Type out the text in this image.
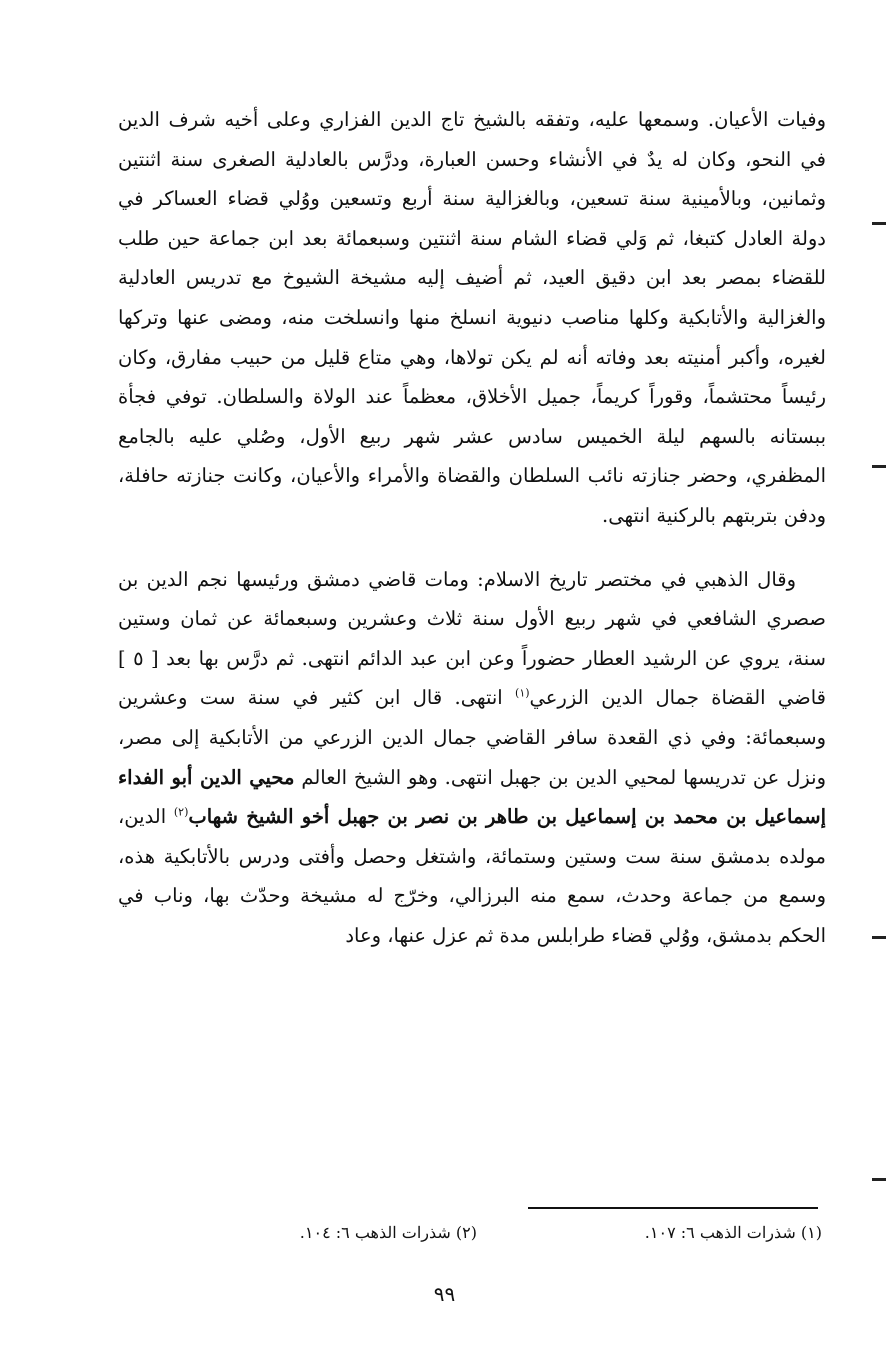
وفيات الأعيان. وسمعها عليه، وتفقه بالشيخ تاج الدين الفزاري وعلى أخيه شرف الدين في النحو، وكان له يدٌ في الأنشاء وحسن العبارة، ودرَّس بالعادلية الصغرى سنة اثنتين وثمانين، وبالأمينية سنة تسعين، وبالغزالية سنة أربع وتسعين ووُلي قضاء العساكر في دولة العادل كتبغا، ثم وَلي قضاء الشام سنة اثنتين وسبعمائة بعد ابن جماعة حين طلب للقضاء بمصر بعد ابن دقيق العيد، ثم أضيف إليه مشيخة الشيوخ مع تدريس العادلية والغزالية والأتابكية وكلها مناصب دنيوية انسلخ منها وانسلخت منه، ومضى عنها وتركها لغيره، وأكبر أمنيته بعد وفاته أنه لم يكن تولاها، وهي متاع قليل من حبيب مفارق، وكان رئيساً محتشماً، وقوراً كريماً، جميل الأخلاق، معظماً عند الولاة والسلطان. توفي فجأة ببستانه بالسهم ليلة الخميس سادس عشر شهر ربيع الأول، وصُلي عليه بالجامع المظفري، وحضر جنازته نائب السلطان والقضاة والأمراء والأعيان، وكانت جنازته حافلة، ودفن بتربتهم بالركنية انتهى.

وقال الذهبي في مختصر تاريخ الاسلام: ومات قاضي دمشق ورئيسها نجم الدين بن صصري الشافعي في شهر ربيع الأول سنة ثلاث وعشرين وسبعمائة عن ثمان وستين سنة، يروي عن الرشيد العطار حضوراً وعن ابن عبد الدائم انتهى. ثم درَّس بها بعد [ ٥ ] قاضي القضاة جمال الدين الزرعي$^{(١)}$ انتهى. قال ابن كثير في سنة ست وعشرين وسبعمائة: وفي ذي القعدة سافر القاضي جمال الدين الزرعي من الأتابكية إلى مصر، ونزل عن تدريسها لمحيي الدين بن جهبل انتهى. وهو الشيخ العالم محيي الدين أبو الفداء إسماعيل بن محمد بن إسماعيل بن طاهر بن نصر بن جهبل أخو الشيخ شهاب$^{(٢)}$ الدين، مولده بدمشق سنة ست وستين وستمائة، واشتغل وحصل وأفتى ودرس بالأتابكية هذه، وسمع من جماعة وحدث، سمع منه البرزالي، وخرّج له مشيخة وحدّث بها، وناب في الحكم بدمشق، ووُلي قضاء طرابلس مدة ثم عزل عنها، وعاد

(١) شذرات الذهب ٦: ١٠٧.
(٢) شذرات الذهب ٦: ١٠٤.
٩٩
